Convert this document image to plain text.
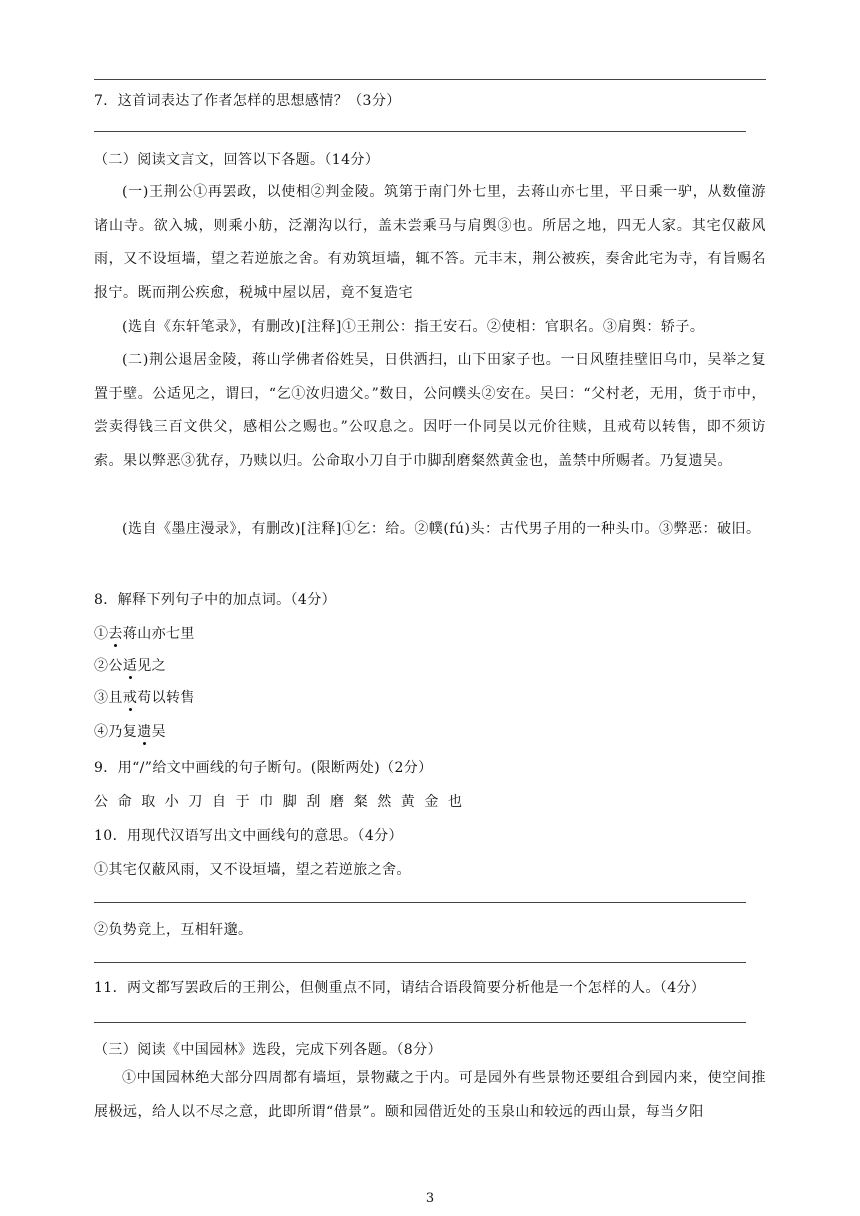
7．这首词表达了作者怎样的思想感情？（3分）
（二）阅读文言文，回答以下各题。（14分）
(一)王荆公①再罢政，以使相②判金陵。筑第于南门外七里，去蒋山亦七里，平日乘一驴，从数僮游诸山寺。欲入城，则乘小舫，泛潮沟以行，盖未尝乘马与肩舆③也。所居之地，四无人家。其宅仅蔽风雨，又不设垣墙，望之若逆旅之舍。有劝筑垣墙，辄不答。元丰末，荆公被疾，奏舍此宅为寺，有旨赐名报宁。既而荆公疾愈，税城中屋以居，竟不复造宅
(选自《东轩笔录》，有删改)[注释]①王荆公：指王安石。②使相：官职名。③肩舆：轿子。
(二)荆公退居金陵，蒋山学佛者俗姓吴，日供洒扫，山下田家子也。一日风堕挂壁旧乌巾，吴举之复置于壁。公适见之，谓曰，“乞①汝归遗父。”数日，公问幞头②安在。吴曰：“父村老，无用，货于市中，尝卖得钱三百文供父，感相公之赐也。”公叹息之。因吁一仆同吴以元价往赎，且戒苟以转售，即不须访索。果以弊恶③犹存，乃赎以归。公命取小刀自于巾脚刮磨粲然黄金也，盖禁中所赐者。乃复遗吴。
(选自《墨庄漫录》，有删改)[注释]①乞：给。②幞(fú)头：古代男子用的一种头巾。③弊恶：破旧。
8．解释下列句子中的加点词。（4分）
①去蒋山亦七里
②公适见之
③且戒苟以转售
④乃复遗吴
9．用“/”给文中画线的句子断句。(限断两处)（2分）
公命取小刀自于巾脚刮磨粲然黄金也
10．用现代汉语写出文中画线句的意思。（4分）
①其宅仅蔽风雨，又不设垣墙，望之若逆旅之舍。
②负势竞上，互相轩邈。
11．两文都写罢政后的王荆公，但侧重点不同，请结合语段简要分析他是一个怎样的人。（4分）
（三）阅读《中国园林》选段，完成下列各题。（8分）
①中国园林绝大部分四周都有墙垣，景物藏之于内。可是园外有些景物还要组合到园内来，使空间推展极远，给人以不尽之意，此即所谓“借景”。颐和园借近处的玉泉山和较远的西山景，每当夕阳
3
